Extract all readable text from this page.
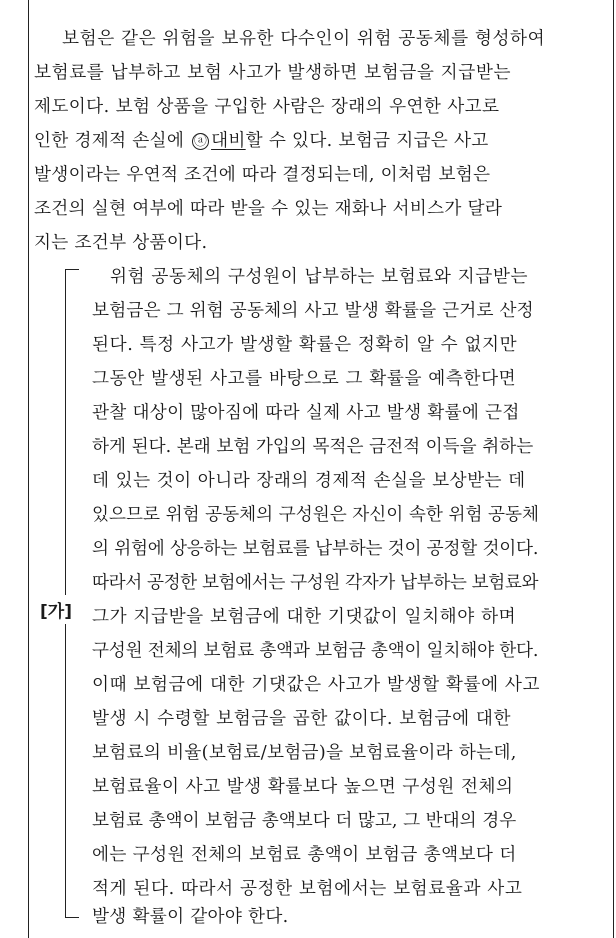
보험은 같은 위험을 보유한 다수인이 위험 공동체를 형성하여
보험료를 납부하고 보험 사고가 발생하면 보험금을 지급받는
제도이다. 보험 상품을 구입한 사람은 장래의 우연한 사고로
인한 경제적 손실에 ⓐ 대비할 수 있다. 보험금 지급은 사고
발생이라는 우연적 조건에 따라 결정되는데, 이처럼 보험은
조건의 실현 여부에 따라 받을 수 있는 재화나 서비스가 달라
지는 조건부 상품이다.
[가]
위험 공동체의 구성원이 납부하는 보험료와 지급받는
보험금은 그 위험 공동체의 사고 발생 확률을 근거로 산정
된다. 특정 사고가 발생할 확률은 정확히 알 수 없지만
그동안 발생된 사고를 바탕으로 그 확률을 예측한다면
관찰 대상이 많아짐에 따라 실제 사고 발생 확률에 근접
하게 된다. 본래 보험 가입의 목적은 금전적 이득을 취하는
데 있는 것이 아니라 장래의 경제적 손실을 보상받는 데
있으므로 위험 공동체의 구성원은 자신이 속한 위험 공동체
의 위험에 상응하는 보험료를 납부하는 것이 공정할 것이다.
따라서 공정한 보험에서는 구성원 각자가 납부하는 보험료와
그가 지급받을 보험금에 대한 기댓값이 일치해야 하며
구성원 전체의 보험료 총액과 보험금 총액이 일치해야 한다.
이때 보험금에 대한 기댓값은 사고가 발생할 확률에 사고
발생 시 수령할 보험금을 곱한 값이다. 보험금에 대한
보험료의 비율(보험료/보험금)을 보험료율이라 하는데,
보험료율이 사고 발생 확률보다 높으면 구성원 전체의
보험료 총액이 보험금 총액보다 더 많고, 그 반대의 경우
에는 구성원 전체의 보험료 총액이 보험금 총액보다 더
적게 된다. 따라서 공정한 보험에서는 보험료율과 사고
발생 확률이 같아야 한다.
